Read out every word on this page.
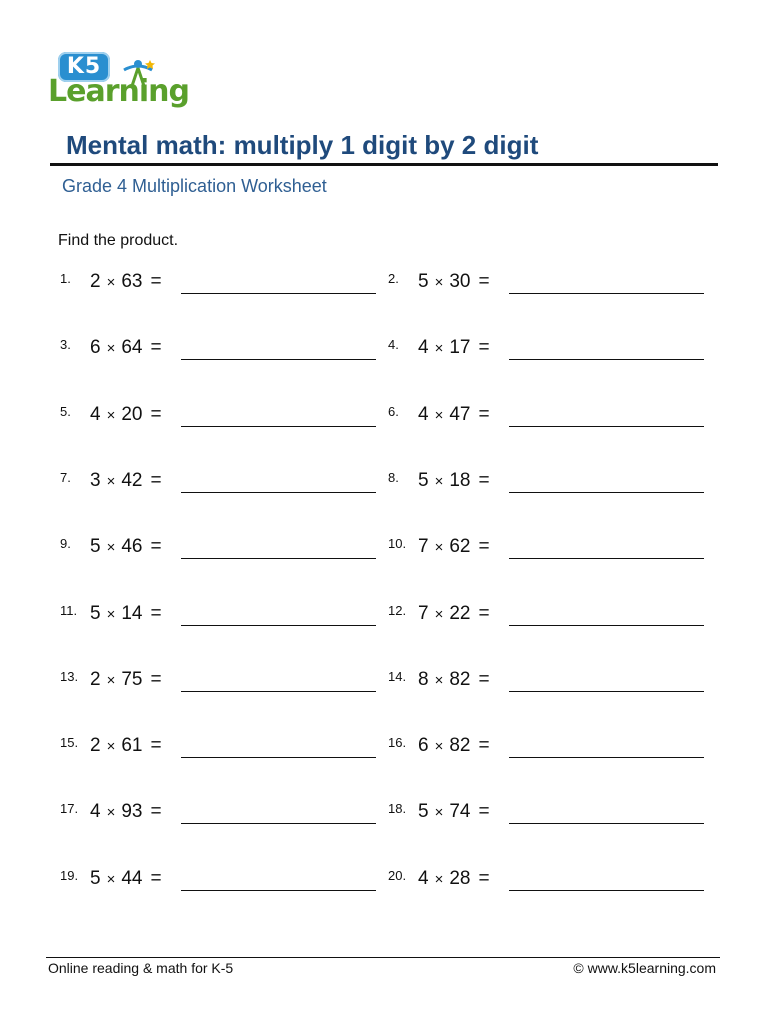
K5
Learning
Mental math: multiply 1 digit by 2 digit
Grade 4 Multiplication Worksheet
Find the product.
1. 2 × 63 =	2. 5 × 30 =
3. 6 × 64 =	4. 4 × 17 =
5. 4 × 20 =	6. 4 × 47 =
7. 3 × 42 =	8. 5 × 18 =
9. 5 × 46 =	10. 7 × 62 =
11. 5 × 14 =	12. 7 × 22 =
13. 2 × 75 =	14. 8 × 82 =
15. 2 × 61 =	16. 6 × 82 =
17. 4 × 93 =	18. 5 × 74 =
19. 5 × 44 =	20. 4 × 28 =
Online reading & math for K-5	© www.k5learning.com
